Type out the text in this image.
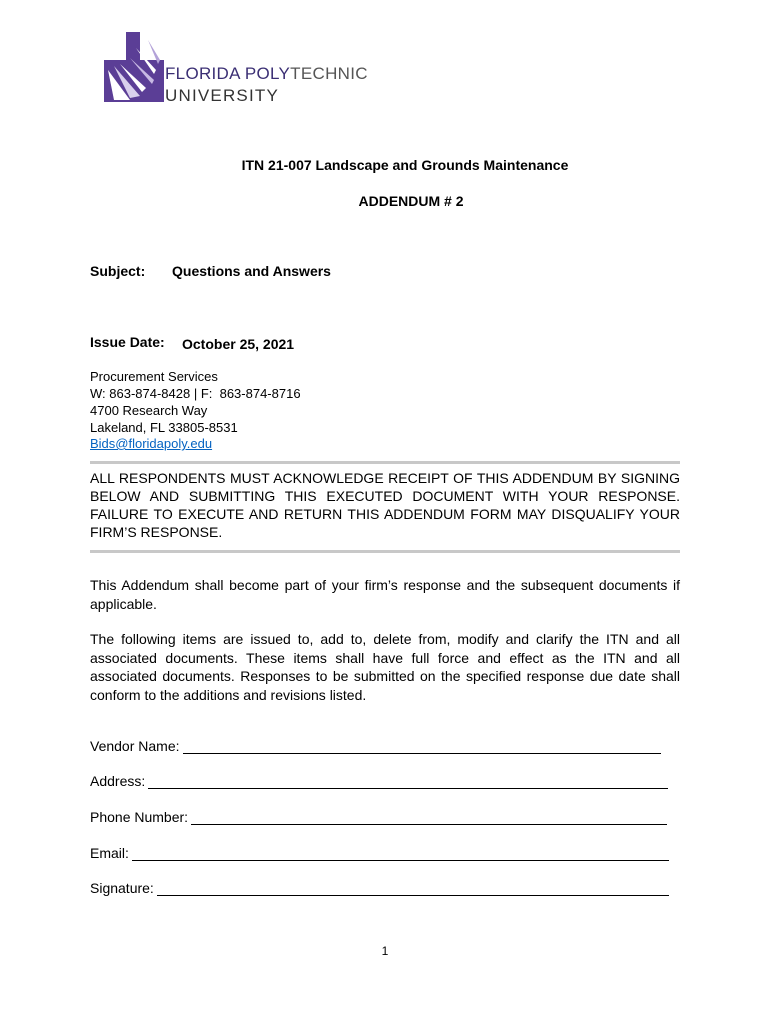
FLORIDA POLYTECHNIC
UNIVERSITY
ITN 21-007 Landscape and Grounds Maintenance
ADDENDUM # 2
Subject: Questions and Answers
Issue Date: October 25, 2021
Procurement Services
W: 863-874-8428 | F:  863-874-8716
4700 Research Way
Lakeland, FL 33805-8531
Bids@floridapoly.edu
ALL RESPONDENTS MUST ACKNOWLEDGE RECEIPT OF THIS ADDENDUM BY SIGNING BELOW AND SUBMITTING THIS EXECUTED DOCUMENT WITH YOUR RESPONSE. FAILURE TO EXECUTE AND RETURN THIS ADDENDUM FORM MAY DISQUALIFY YOUR FIRM’S RESPONSE.
This Addendum shall become part of your firm’s response and the subsequent documents if applicable.
The following items are issued to, add to, delete from, modify and clarify the ITN and all associated documents. These items shall have full force and effect as the ITN and all associated documents. Responses to be submitted on the specified response due date shall conform to the additions and revisions listed.
Vendor Name:
Address:
Phone Number:
Email:
Signature:
1
